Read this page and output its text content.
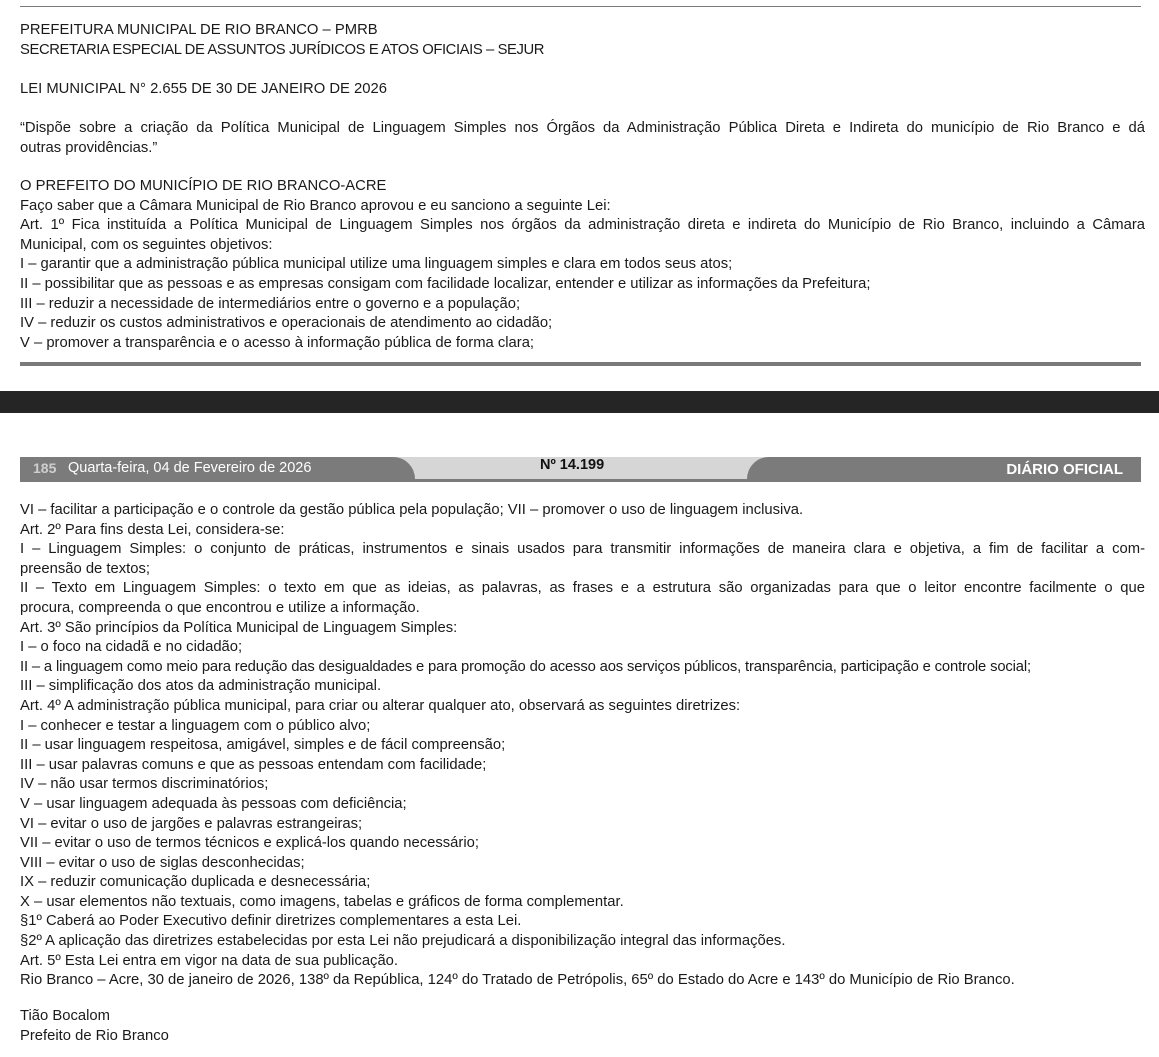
PREFEITURA MUNICIPAL DE RIO BRANCO – PMRB
SECRETARIA ESPECIAL DE ASSUNTOS JURÍDICOS E ATOS OFICIAIS – SEJUR
LEI MUNICIPAL N° 2.655 DE 30 DE JANEIRO DE 2026
“Dispõe sobre a criação da Política Municipal de Linguagem Simples nos Órgãos da Administração Pública Direta e Indireta do município de Rio Branco e dá
outras providências.”
O PREFEITO DO MUNICÍPIO DE RIO BRANCO-ACRE
Faço saber que a Câmara Municipal de Rio Branco aprovou e eu sanciono a seguinte Lei:
Art. 1º Fica instituída a Política Municipal de Linguagem Simples nos órgãos da administração direta e indireta do Município de Rio Branco, incluindo a Câmara
Municipal, com os seguintes objetivos:
I – garantir que a administração pública municipal utilize uma linguagem simples e clara em todos seus atos;
II – possibilitar que as pessoas e as empresas consigam com facilidade localizar, entender e utilizar as informações da Prefeitura;
III – reduzir a necessidade de intermediários entre o governo e a população;
IV – reduzir os custos administrativos e operacionais de atendimento ao cidadão;
V – promover a transparência e o acesso à informação pública de forma clara;
185 Quarta-feira, 04 de Fevereiro de 2026	Nº 14.199	DIÁRIO OFICIAL
VI – facilitar a participação e o controle da gestão pública pela população; VII – promover o uso de linguagem inclusiva.
Art. 2º Para fins desta Lei, considera-se:
I – Linguagem Simples: o conjunto de práticas, instrumentos e sinais usados para transmitir informações de maneira clara e objetiva, a fim de facilitar a com-
preensão de textos;
II – Texto em Linguagem Simples: o texto em que as ideias, as palavras, as frases e a estrutura são organizadas para que o leitor encontre facilmente o que
procura, compreenda o que encontrou e utilize a informação.
Art. 3º São princípios da Política Municipal de Linguagem Simples:
I – o foco na cidadã e no cidadão;
II – a linguagem como meio para redução das desigualdades e para promoção do acesso aos serviços públicos, transparência, participação e controle social;
III – simplificação dos atos da administração municipal.
Art. 4º A administração pública municipal, para criar ou alterar qualquer ato, observará as seguintes diretrizes:
I – conhecer e testar a linguagem com o público alvo;
II – usar linguagem respeitosa, amigável, simples e de fácil compreensão;
III – usar palavras comuns e que as pessoas entendam com facilidade;
IV – não usar termos discriminatórios;
V – usar linguagem adequada às pessoas com deficiência;
VI – evitar o uso de jargões e palavras estrangeiras;
VII – evitar o uso de termos técnicos e explicá-los quando necessário;
VIII – evitar o uso de siglas desconhecidas;
IX – reduzir comunicação duplicada e desnecessária;
X – usar elementos não textuais, como imagens, tabelas e gráficos de forma complementar.
§1º Caberá ao Poder Executivo definir diretrizes complementares a esta Lei.
§2º A aplicação das diretrizes estabelecidas por esta Lei não prejudicará a disponibilização integral das informações.
Art. 5º Esta Lei entra em vigor na data de sua publicação.
Rio Branco – Acre, 30 de janeiro de 2026, 138º da República, 124º do Tratado de Petrópolis, 65º do Estado do Acre e 143º do Município de Rio Branco.
Tião Bocalom
Prefeito de Rio Branco
